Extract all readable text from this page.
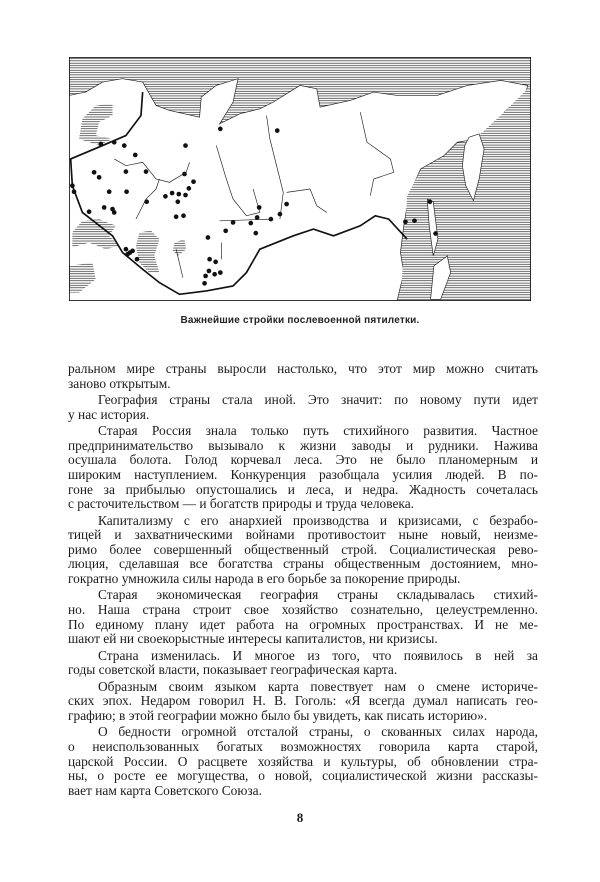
Важнейшие стройки послевоенной пятилетки.
ральном мире страны выросли настолько, что этот мир можно считать
заново открытым.
География страны стала иной. Это значит: по новому пути идет
у нас история.
Старая Россия знала только путь стихийного развития. Частное
предпринимательство вызывало к жизни заводы и рудники. Нажива
осушала болота. Голод корчевал леса. Это не было планомерным и
широким наступлением. Конкуренция разобщала усилия людей. В по-
гоне за прибылью опустошались и леса, и недра. Жадность сочеталась
с расточительством — и богатств природы и труда человека.
Капитализму с его анархией производства и кризисами, с безрабо-
тицей и захватническими войнами противостоит ныне новый, неизме-
римо более совершенный общественный строй. Социалистическая рево-
люция, сделавшая все богатства страны общественным достоянием, мно-
гократно умножила силы народа в его борьбе за покорение природы.
Старая экономическая география страны складывалась стихий-
но. Наша страна строит свое хозяйство сознательно, целеустремленно.
По единому плану идет работа на огромных пространствах. И не ме-
шают ей ни своекорыстные интересы капиталистов, ни кризисы.
Страна изменилась. И многое из того, что появилось в ней за
годы советской власти, показывает географическая карта.
Образным своим языком карта повествует нам о смене историче-
ских эпох. Недаром говорил Н. В. Гоголь: «Я всегда думал написать гео-
графию; в этой географии можно было бы увидеть, как писать историю».
О бедности огромной отсталой страны, о скованных силах народа,
о неиспользованных богатых возможностях говорила карта старой,
царской России. О расцвете хозяйства и культуры, об обновлении стра-
ны, о росте ее могущества, о новой, социалистической жизни рассказы-
вает нам карта Советского Союза.
8
